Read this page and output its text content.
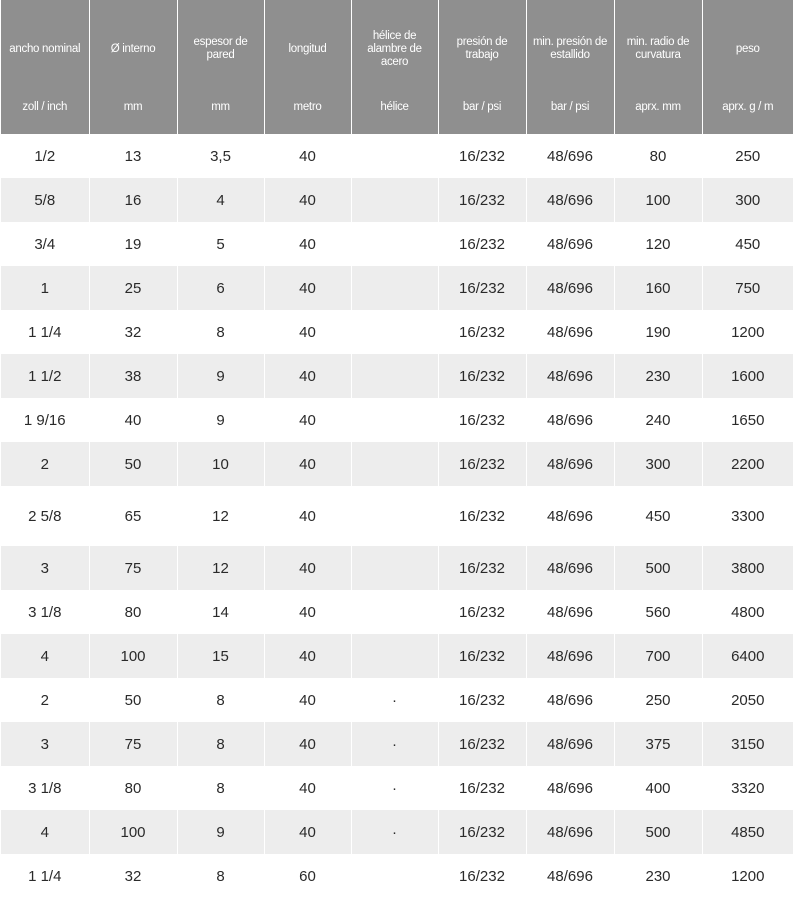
ancho nominal	Ø interno	espesor de pared	longitud	hélice de alambre de acero	presión de trabajo	min. presión de estallido	min. radio de curvatura	peso
zoll / inch	mm	mm	metro	hélice	bar / psi	bar / psi	aprx. mm	aprx. g / m
1/2	13	3,5	40		16/232	48/696	80	250
5/8	16	4	40		16/232	48/696	100	300
3/4	19	5	40		16/232	48/696	120	450
1	25	6	40		16/232	48/696	160	750
1 1/4	32	8	40		16/232	48/696	190	1200
1 1/2	38	9	40		16/232	48/696	230	1600
1 9/16	40	9	40		16/232	48/696	240	1650
2	50	10	40		16/232	48/696	300	2200
2 5/8	65	12	40		16/232	48/696	450	3300
3	75	12	40		16/232	48/696	500	3800
3 1/8	80	14	40		16/232	48/696	560	4800
4	100	15	40		16/232	48/696	700	6400
2	50	8	40	·	16/232	48/696	250	2050
3	75	8	40	·	16/232	48/696	375	3150
3 1/8	80	8	40	·	16/232	48/696	400	3320
4	100	9	40	·	16/232	48/696	500	4850
1 1/4	32	8	60		16/232	48/696	230	1200
